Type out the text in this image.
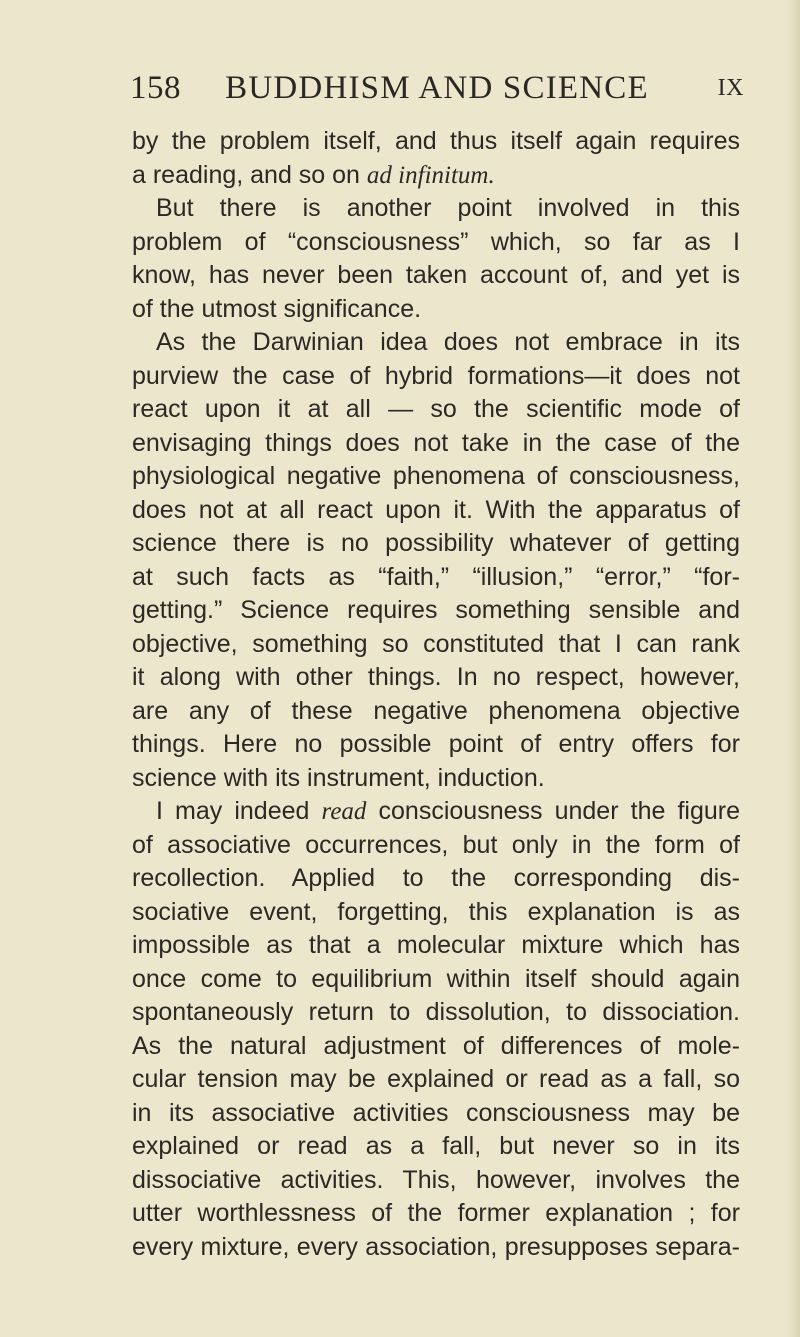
158	BUDDHISM AND SCIENCE	IX
by the problem itself, and thus itself again requires
a reading, and so on ad infinitum.
But there is another point involved in this
problem of “consciousness” which, so far as I
know, has never been taken account of, and yet is
of the utmost significance.
As the Darwinian idea does not embrace in its
purview the case of hybrid formations—it does not
react upon it at all — so the scientific mode of
envisaging things does not take in the case of the
physiological negative phenomena of consciousness,
does not at all react upon it. With the apparatus of
science there is no possibility whatever of getting
at such facts as “faith,” “illusion,” “error,” “for-
getting.” Science requires something sensible and
objective, something so constituted that I can rank
it along with other things. In no respect, however,
are any of these negative phenomena objective
things. Here no possible point of entry offers for
science with its instrument, induction.
I may indeed read consciousness under the figure
of associative occurrences, but only in the form of
recollection. Applied to the corresponding dis-
sociative event, forgetting, this explanation is as
impossible as that a molecular mixture which has
once come to equilibrium within itself should again
spontaneously return to dissolution, to dissociation.
As the natural adjustment of differences of mole-
cular tension may be explained or read as a fall, so
in its associative activities consciousness may be
explained or read as a fall, but never so in its
dissociative activities. This, however, involves the
utter worthlessness of the former explanation ; for
every mixture, every association, presupposes separa-
